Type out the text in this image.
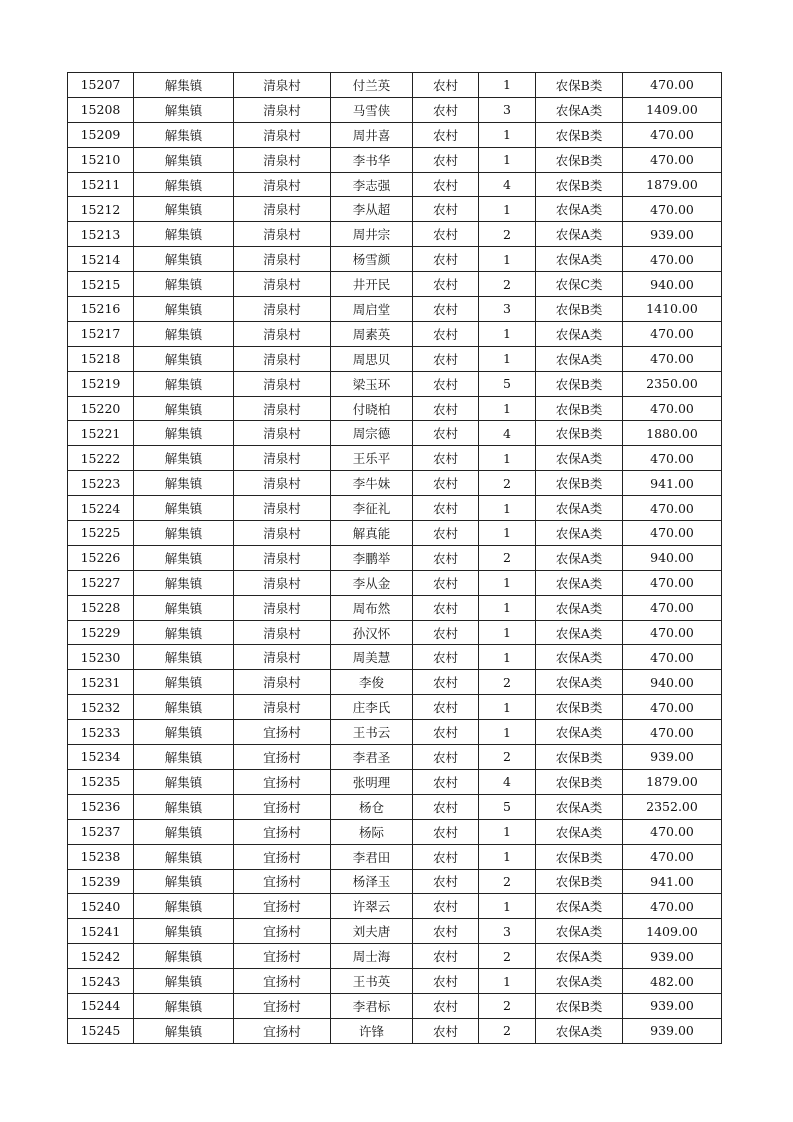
15207	解集镇	清泉村	付兰英	农村	1	农保B类	470.00
15208	解集镇	清泉村	马雪侠	农村	3	农保A类	1409.00
15209	解集镇	清泉村	周井喜	农村	1	农保B类	470.00
15210	解集镇	清泉村	李书华	农村	1	农保B类	470.00
15211	解集镇	清泉村	李志强	农村	4	农保B类	1879.00
15212	解集镇	清泉村	李从超	农村	1	农保A类	470.00
15213	解集镇	清泉村	周井宗	农村	2	农保A类	939.00
15214	解集镇	清泉村	杨雪颜	农村	1	农保A类	470.00
15215	解集镇	清泉村	井开民	农村	2	农保C类	940.00
15216	解集镇	清泉村	周启堂	农村	3	农保B类	1410.00
15217	解集镇	清泉村	周素英	农村	1	农保A类	470.00
15218	解集镇	清泉村	周思贝	农村	1	农保A类	470.00
15219	解集镇	清泉村	梁玉环	农村	5	农保B类	2350.00
15220	解集镇	清泉村	付晓柏	农村	1	农保B类	470.00
15221	解集镇	清泉村	周宗德	农村	4	农保B类	1880.00
15222	解集镇	清泉村	王乐平	农村	1	农保A类	470.00
15223	解集镇	清泉村	李牛妹	农村	2	农保B类	941.00
15224	解集镇	清泉村	李征礼	农村	1	农保A类	470.00
15225	解集镇	清泉村	解真能	农村	1	农保A类	470.00
15226	解集镇	清泉村	李鹏举	农村	2	农保A类	940.00
15227	解集镇	清泉村	李从金	农村	1	农保A类	470.00
15228	解集镇	清泉村	周布然	农村	1	农保A类	470.00
15229	解集镇	清泉村	孙汉怀	农村	1	农保A类	470.00
15230	解集镇	清泉村	周美慧	农村	1	农保A类	470.00
15231	解集镇	清泉村	李俊	农村	2	农保A类	940.00
15232	解集镇	清泉村	庄李氏	农村	1	农保B类	470.00
15233	解集镇	宜扬村	王书云	农村	1	农保A类	470.00
15234	解集镇	宜扬村	李君圣	农村	2	农保B类	939.00
15235	解集镇	宜扬村	张明理	农村	4	农保B类	1879.00
15236	解集镇	宜扬村	杨仓	农村	5	农保A类	2352.00
15237	解集镇	宜扬村	杨际	农村	1	农保A类	470.00
15238	解集镇	宜扬村	李君田	农村	1	农保B类	470.00
15239	解集镇	宜扬村	杨泽玉	农村	2	农保B类	941.00
15240	解集镇	宜扬村	许翠云	农村	1	农保A类	470.00
15241	解集镇	宜扬村	刘夫唐	农村	3	农保A类	1409.00
15242	解集镇	宜扬村	周士海	农村	2	农保A类	939.00
15243	解集镇	宜扬村	王书英	农村	1	农保A类	482.00
15244	解集镇	宜扬村	李君标	农村	2	农保B类	939.00
15245	解集镇	宜扬村	许锋	农村	2	农保A类	939.00
